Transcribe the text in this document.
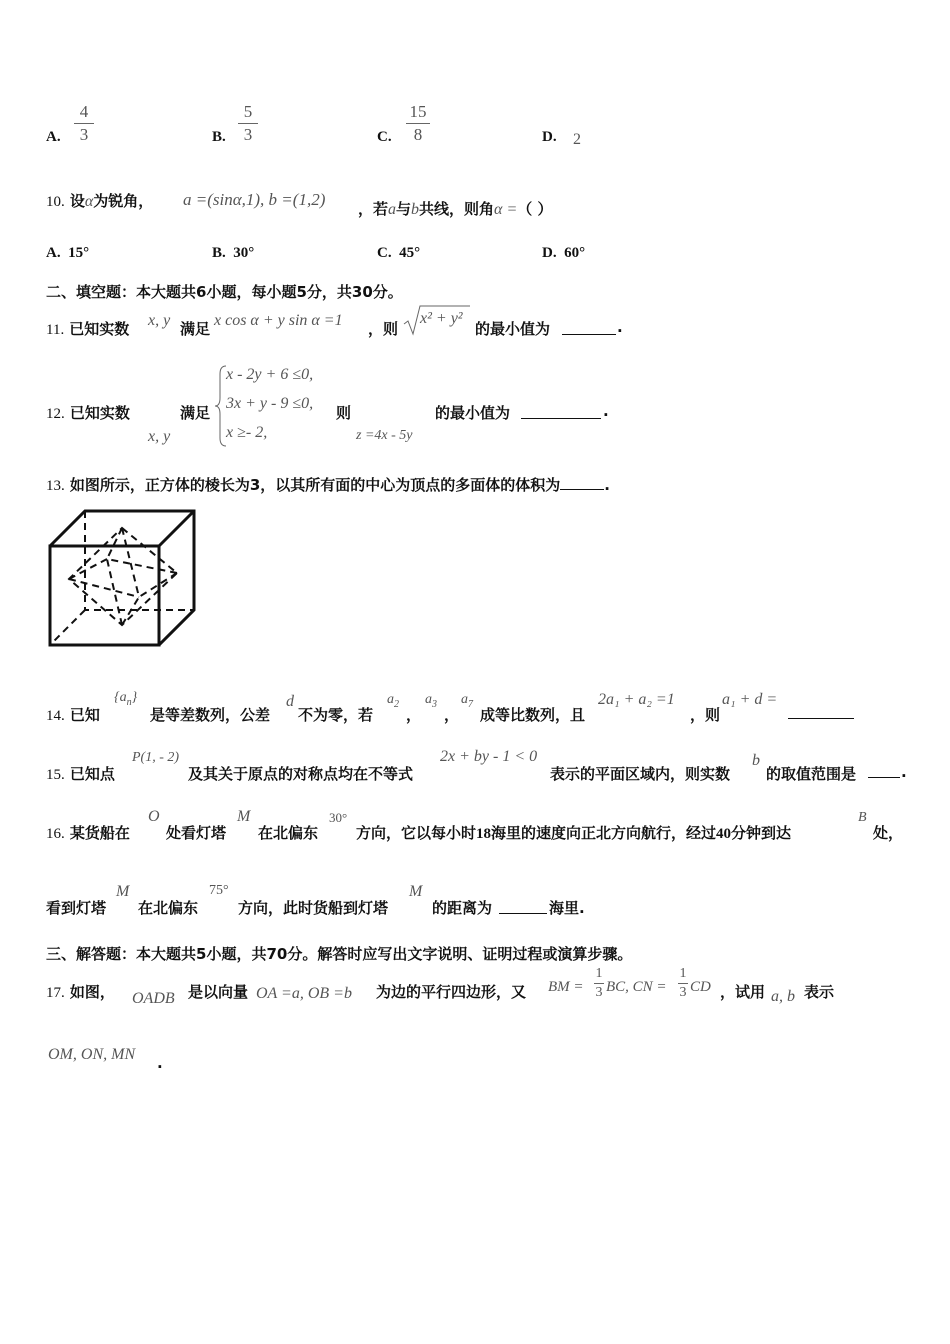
A.
4
3	B.
5
3	C.
15
8	D. 2
10. 设α为锐角， a =(sinα,1), b =(1,2) ，若a与b共线，则角α =（ ）
A. 15°	B. 30°	C. 45°	D. 60°
二、填空题：本大题共6小题，每小题5分，共30分。
11. 已知实数 x, y 满足 x cos α + y sin α =1 ，则
x² + y²
的最小值为	.
12. 已知实数
x, y
满足
x - 2y + 6 ≤0,
3x + y - 9 ≤0,
x ≥- 2,
则
z =4x - 5y
的最小值为	.
13. 如图所示，正方体的棱长为3，以其所有面的中心为顶点的多面体的体积为	.
14. 已知
$\{a_n\}$
是等差数列，公差
d
不为零，若
$a_2$
，
$a_3$
，
$a_7$
成等比数列，且
2a₁ + a₂ =1
，则
a₁ + d =
15. 已知点
P(1, - 2)
及其关于原点的对称点均在不等式
2x + by - 1 < 0
表示的平面区域内，则实数
b
的取值范围是	.
16. 某货船在
O
处看灯塔
M
在北偏东
30°
方向，它以每小时18海里的速度向正北方向航行，经过40分钟到达
B
处，
看到灯塔
M
在北偏东
75°
方向，此时货船到灯塔
M
的距离为	海里.
三、解答题：本大题共5小题，共70分。解答时应写出文字说明、证明过程或演算步骤。
17. 如图， OADB 是以向量 OA =a, OB =b 为边的平行四边形，又 BM =
1
3 BC, CN =
1
3 CD ，试用 a, b 表示
OM, ON, MN .
